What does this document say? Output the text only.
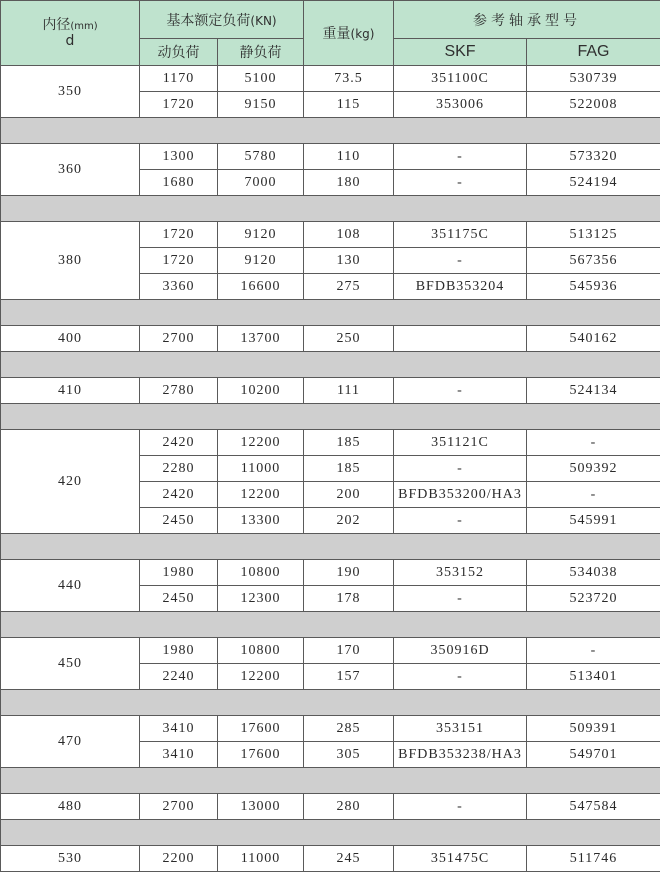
内径(mm)
d	基本额定负荷(KN)		重量(kg)	参考轴承型号	
	动负荷	静负荷		SKF	FAG
350	1170	5100	73.5	351100C	530739
	1720	9150	115	353006	522008

360	1300	5780	110	-	573320
	1680	7000	180	-	524194

380	1720	9120	108	351175C	513125
	1720	9120	130	-	567356
	3360	16600	275	BFDB353204	545936

400	2700	13700	250		540162

410	2780	10200	111	-	524134

420	2420	12200	185	351121C	-
	2280	11000	185	-	509392
	2420	12200	200	BFDB353200/HA3	-
	2450	13300	202	-	545991

440	1980	10800	190	353152	534038
	2450	12300	178	-	523720

450	1980	10800	170	350916D	-
	2240	12200	157	-	513401

470	3410	17600	285	353151	509391
	3410	17600	305	BFDB353238/HA3	549701

480	2700	13000	280	-	547584

530	2200	11000	245	351475C	511746
